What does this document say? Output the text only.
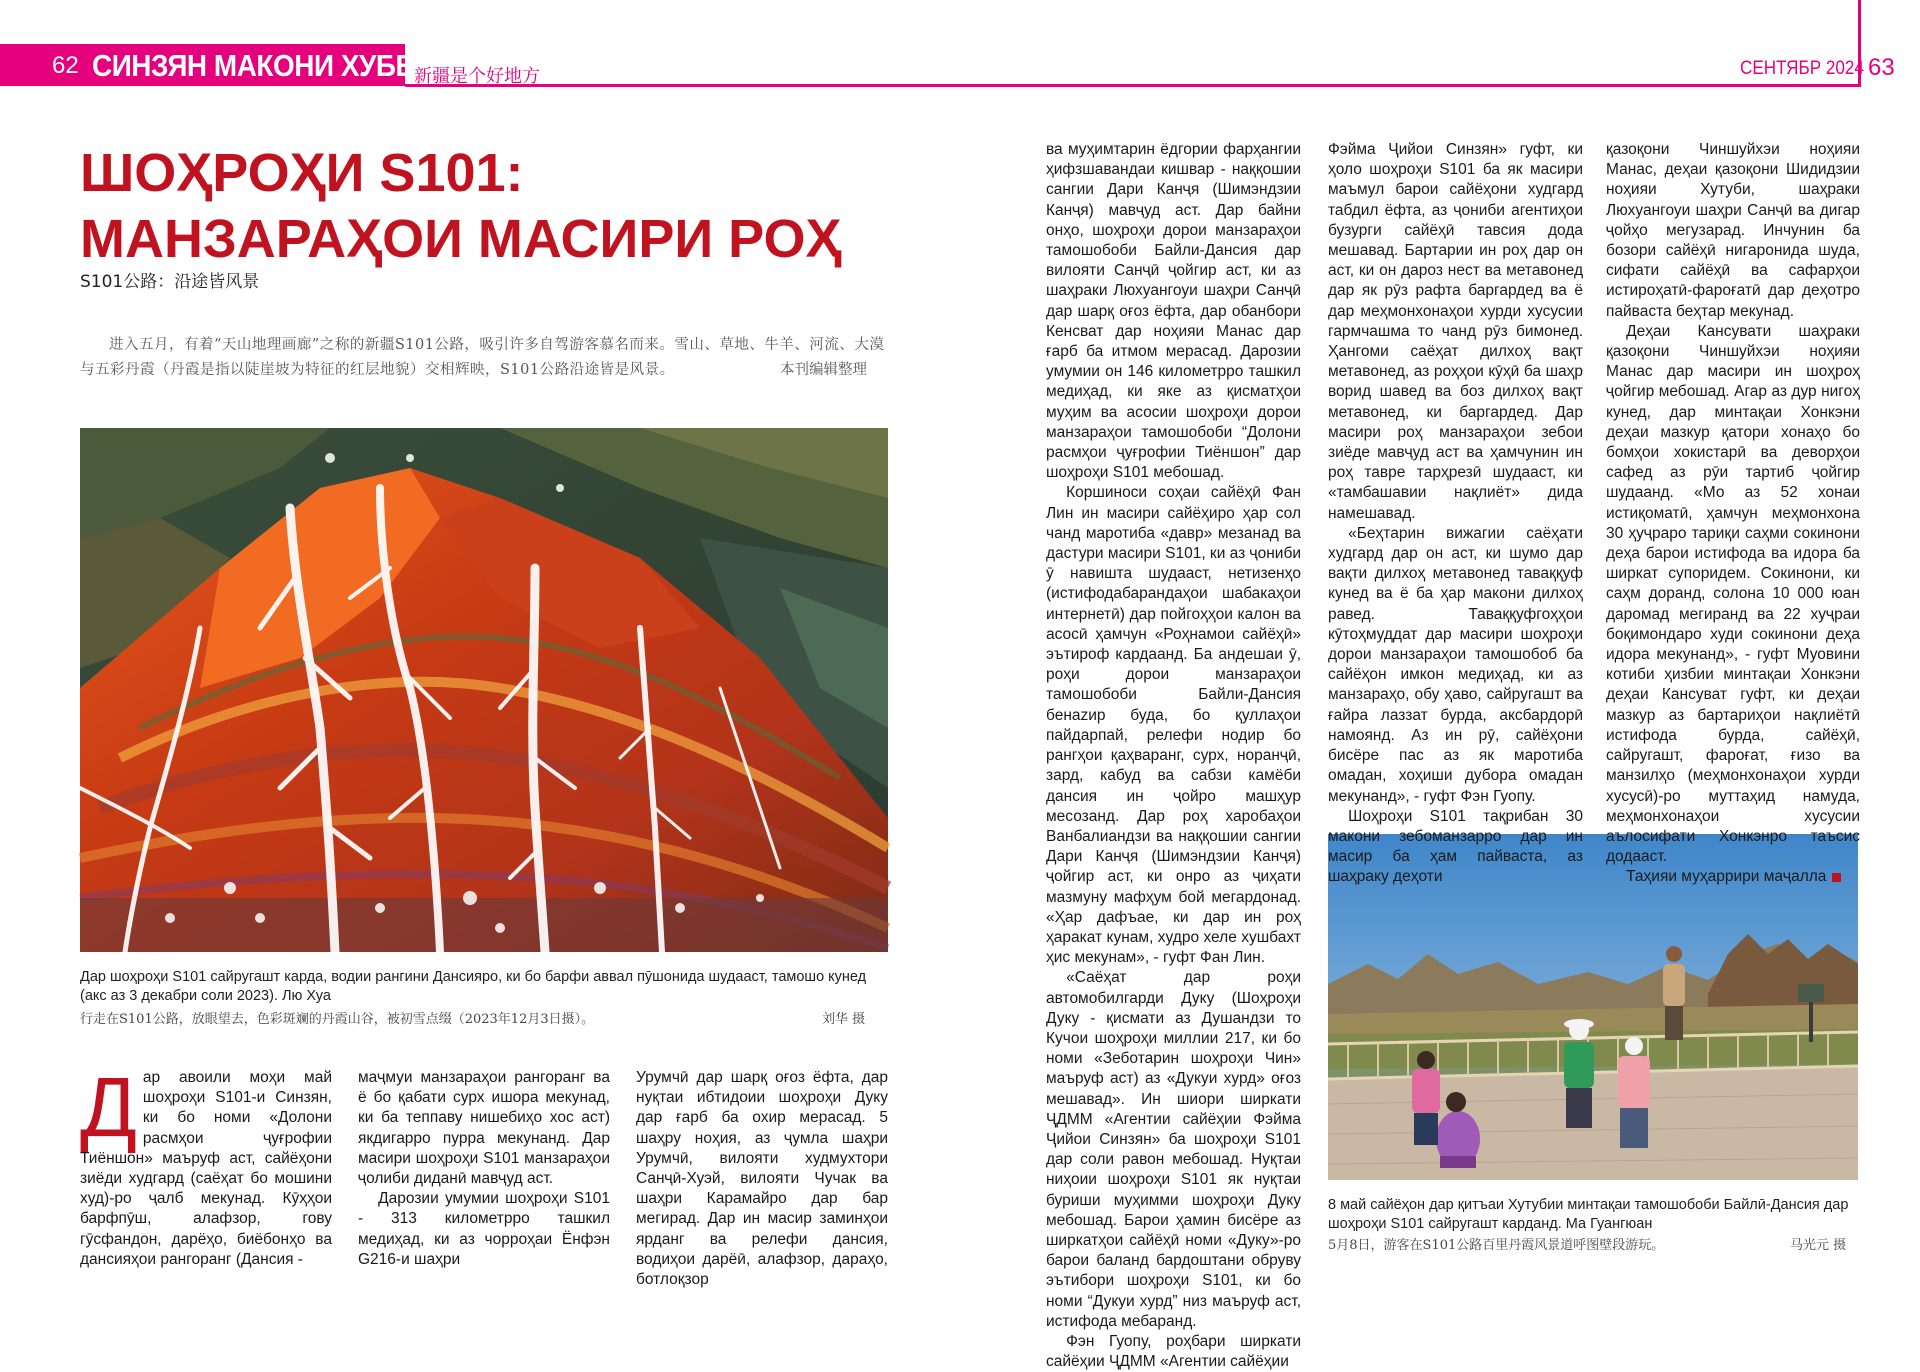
62 СИНЗЯН МАКОНИ ХУБЕСТ
新疆是个好地方	СЕНТЯБР 2024 63
ШОҲРОҲИ S101: МАНЗАРАҲОИ МАСИРИ РОҲ
S101公路：沿途皆风景

进入五月，有着“天山地理画廊”之称的新疆S101公路，吸引许多自驾游客慕名而来。雪山、草地、牛羊、河流、大漠与五彩丹霞（丹霞是指以陡崖坡为特征的红层地貌）交相辉映，S101公路沿途皆是风景。	本刊编辑整理
Дар шоҳроҳи S101 сайругашт карда, водии рангини Дансияро, ки бо барфи аввал пӯшонида шудааст, тамошо кунед (акс аз 3 декабри соли 2023). Лю Хуа
行走在S101公路，放眼望去，色彩斑斓的丹霞山谷，被初雪点缀（2023年12月3日摄）。	刘华 摄
8 май сайёҳон дар қитъаи Хутубии минтақаи тамошобоби Байлӣ-Дансия дар шоҳроҳи S101 сайругашт карданд. Ма Гуангюан
5月8日，游客在S101公路百里丹霞风景道呼图壁段游玩。	马光元 摄
Д ар авоили моҳи май шоҳроҳи S101-и Синзян, ки бо номи «Долони расмҳои ҷуғрофии Тиёншон» маъруф аст, сайёҳони зиёди худгард (саёҳат бо мошини худ)-ро ҷалб мекунад. Кӯҳҳои барфпӯш, алафзор, гову гӯсфандон, дарёҳо, биёбонҳо ва дансияҳои рангоранг (Дансия -

маҷмуи манзараҳои рангоранг ва ё бо қабати сурх ишора мекунад, ки ба теппаву нишебиҳо хос аст) якдигарро пурра мекунанд. Дар масири шоҳроҳи S101 манзараҳои ҷолиби диданӣ мавҷуд аст.

Дарозии умумии шоҳроҳи S101 - 313 километрро ташкил медиҳад, ки аз чорроҳаи Ёнфэн G216-и шаҳри

Урумчӣ дар шарқ оғоз ёфта, дар нуқтаи ибтидоии шоҳроҳи Дуку дар ғарб ба охир мерасад. 5 шаҳру ноҳия, аз ҷумла шаҳри Урумчӣ, вилояти худмухтори Санҷӣ-Хуэй, вилояти Чучак ва шаҳри Карамайро дар бар мегирад. Дар ин масир заминҳои ярданг ва релефи дансия, водиҳои дарёӣ, алафзор, дараҳо, ботлоқзор

ва муҳимтарин ёдгории фарҳангии ҳифзшавандаи кишвар - наққошии сангии Дари Канҷя (Шимэндзии Канҷя) мавҷуд аст. Дар байни онҳо, шоҳроҳи дорои манзараҳои тамошобоби Байли-Дансия дар вилояти Санҷӣ ҷойгир аст, ки аз шаҳраки Люхуангоуи шаҳри Санҷӣ дар шарқ оғоз ёфта, дар обанбори Кенсват дар ноҳияи Манас дар ғарб ба итмом мерасад. Дарозии умумии он 146 километрро ташкил медиҳад, ки яке аз қисматҳои муҳим ва асосии шоҳроҳи дорои манзараҳои тамошобоби “Долони расмҳои ҷуғрофии Тиёншон” дар шоҳроҳи S101 мебошад.

Коршиноси соҳаи сайёҳӣ Фан Лин ин масири сайёҳиро ҳар сол чанд маротиба «давр» мезанад ва дастури масири S101, ки аз ҷониби ӯ навишта шудааст, нетизенҳо (истифодабарандаҳои шабакаҳои интернетӣ) дар пойгоҳҳои калон ва асосӣ ҳамчун «Роҳнамои сайёҳӣ» эътироф кардаанд. Ба андешаи ӯ, роҳи дорои манзараҳои тамошобоби Байли-Дансия бенazир буда, бо қуллаҳои пайдарпай, релефи нодир бо рангҳои қаҳваранг, сурх, норанҷӣ, зард, кабуд ва сабзи камёби дансия ин ҷойро машҳур месозанд. Дар роҳ харобаҳои Ванбалиандзи ва наққошии сангии Дари Канҷя (Шимэндзии Канҷя) ҷойгир аст, ки онро аз ҷиҳати мазмуну мафҳум бой мегардонад. «Ҳар дафъае, ки дар ин роҳ ҳаракат кунам, худро хеле хушбахт ҳис мекунам», - гуфт Фан Лин.

«Саёҳат дар роҳи автомобилгарди Дуку (Шоҳроҳи Дуку - қисмати аз Душандзи то Кучои шоҳроҳи миллии 217, ки бо номи «Зеботарин шоҳроҳи Чин» маъруф аст) аз «Дукуи хурд» оғоз мешавад». Ин шиори ширкати ҶДММ «Агентии сайёҳии Фэйма Ҷийои Синзян» ба шоҳроҳи S101 дар соли равон мебошад. Нуқтаи ниҳоии шоҳроҳи S101 як нуқтаи буриши муҳимми шоҳроҳи Дуку мебошад. Барои ҳамин бисёре аз ширкатҳои сайёҳӣ номи «Дуку»-ро барои баланд бардоштани обруву эътибори шоҳроҳи S101, ки бо номи “Дукуи хурд” низ маъруф аст, истифода мебаранд.

Фэн Гуопу, роҳбари ширкати сайёҳии ҶДММ «Агентии сайёҳии

Фэйма Ҷийои Синзян» гуфт, ки ҳоло шоҳроҳи S101 ба як масири маъмул барои сайёҳони худгард табдил ёфта, аз ҷониби агентиҳои бузурги сайёҳӣ тавсия дода мешавад. Бартарии ин роҳ дар он аст, ки он дароз нест ва метавонед дар як рӯз рафта баргардед ва ё дар меҳмонхонаҳои хурди хусусии гармчашма то чанд рӯз бимонед. Ҳангоми саёҳат дилхоҳ вақт метавонед, аз роҳҳои кӯҳӣ ба шаҳр ворид шавед ва боз дилхоҳ вақт метавонед, ки баргардед. Дар масири роҳ манзараҳои зебои зиёде мавҷуд аст ва ҳамчунин ин роҳ тавре тарҳрезӣ шудааст, ки «тамбашавии нақлиёт» дида намешавад.

«Беҳтарин вижагии саёҳати худгард дар он аст, ки шумо дар вақти дилхоҳ метавонед таваққуф кунед ва ё ба ҳар макони дилхоҳ равед. Таваққуфгоҳҳои кӯтоҳмуддат дар масири шоҳроҳи дорои манзараҳои тамошобоб ба сайёҳон имкон медиҳад, ки аз манзараҳо, обу ҳаво, сайругашт ва ғайра лаззат бурда, аксбардорӣ намоянд. Аз ин рӯ, сайёҳони бисёре пас аз як маротиба омадан, хоҳиши дубора омадан мекунанд», - гуфт Фэн Гуопу.

Шоҳроҳи S101 тақрибан 30 макони зебоманзарро дар ин масир ба ҳам пайваста, аз шаҳраку деҳоти

қазоқони Чиншуйхэи ноҳияи Манас, деҳаи қазоқони Шидидзии ноҳияи Хутуби, шаҳраки Люхуангоуи шаҳри Санҷӣ ва дигар ҷойҳо мегузарад. Инчунин ба бозори сайёҳӣ нигаронида шуда, сифати сайёҳӣ ва сафарҳои истироҳатӣ-фароғатӣ дар деҳотро пайваста беҳтар мекунад.

Деҳаи Кансувати шаҳраки қазоқони Чиншуйхэи ноҳияи Манас дар масири ин шоҳроҳ ҷойгир мебошад. Агар аз дур нигоҳ кунед, дар минтақаи Хонкэни деҳаи мазкур қатори хонаҳо бо бомҳои хокистарӣ ва деворҳои сафед аз рӯи тартиб ҷойгир шудаанд. «Мо аз 52 хонаи истиқоматӣ, ҳамчун меҳмонхона 30 ҳуҷраро тариқи саҳми сокинони деҳа барои истифода ва идора ба ширкат супоридем. Сокинони, ки саҳм доранд, солона 10 000 юан даромад мегиранд ва 22 хуҷраи боқимондаро худи сокинони деҳа идора мекунанд», - гуфт Муовини котиби ҳизбии минтақаи Хонкэни деҳаи Кансуват гуфт, ки деҳаи мазкур аз бартариҳои нақлиётӣ истифода бурда, сайёҳӣ, сайругашт, фароғат, ғизо ва манзилҳо (меҳмонхонаҳои хурди хусусӣ)-ро муттаҳид намуда, меҳмонхонаҳои хусусии аълосифати Хонкэнро таъсис додааст.

Таҳияи муҳаррири маҷалла
